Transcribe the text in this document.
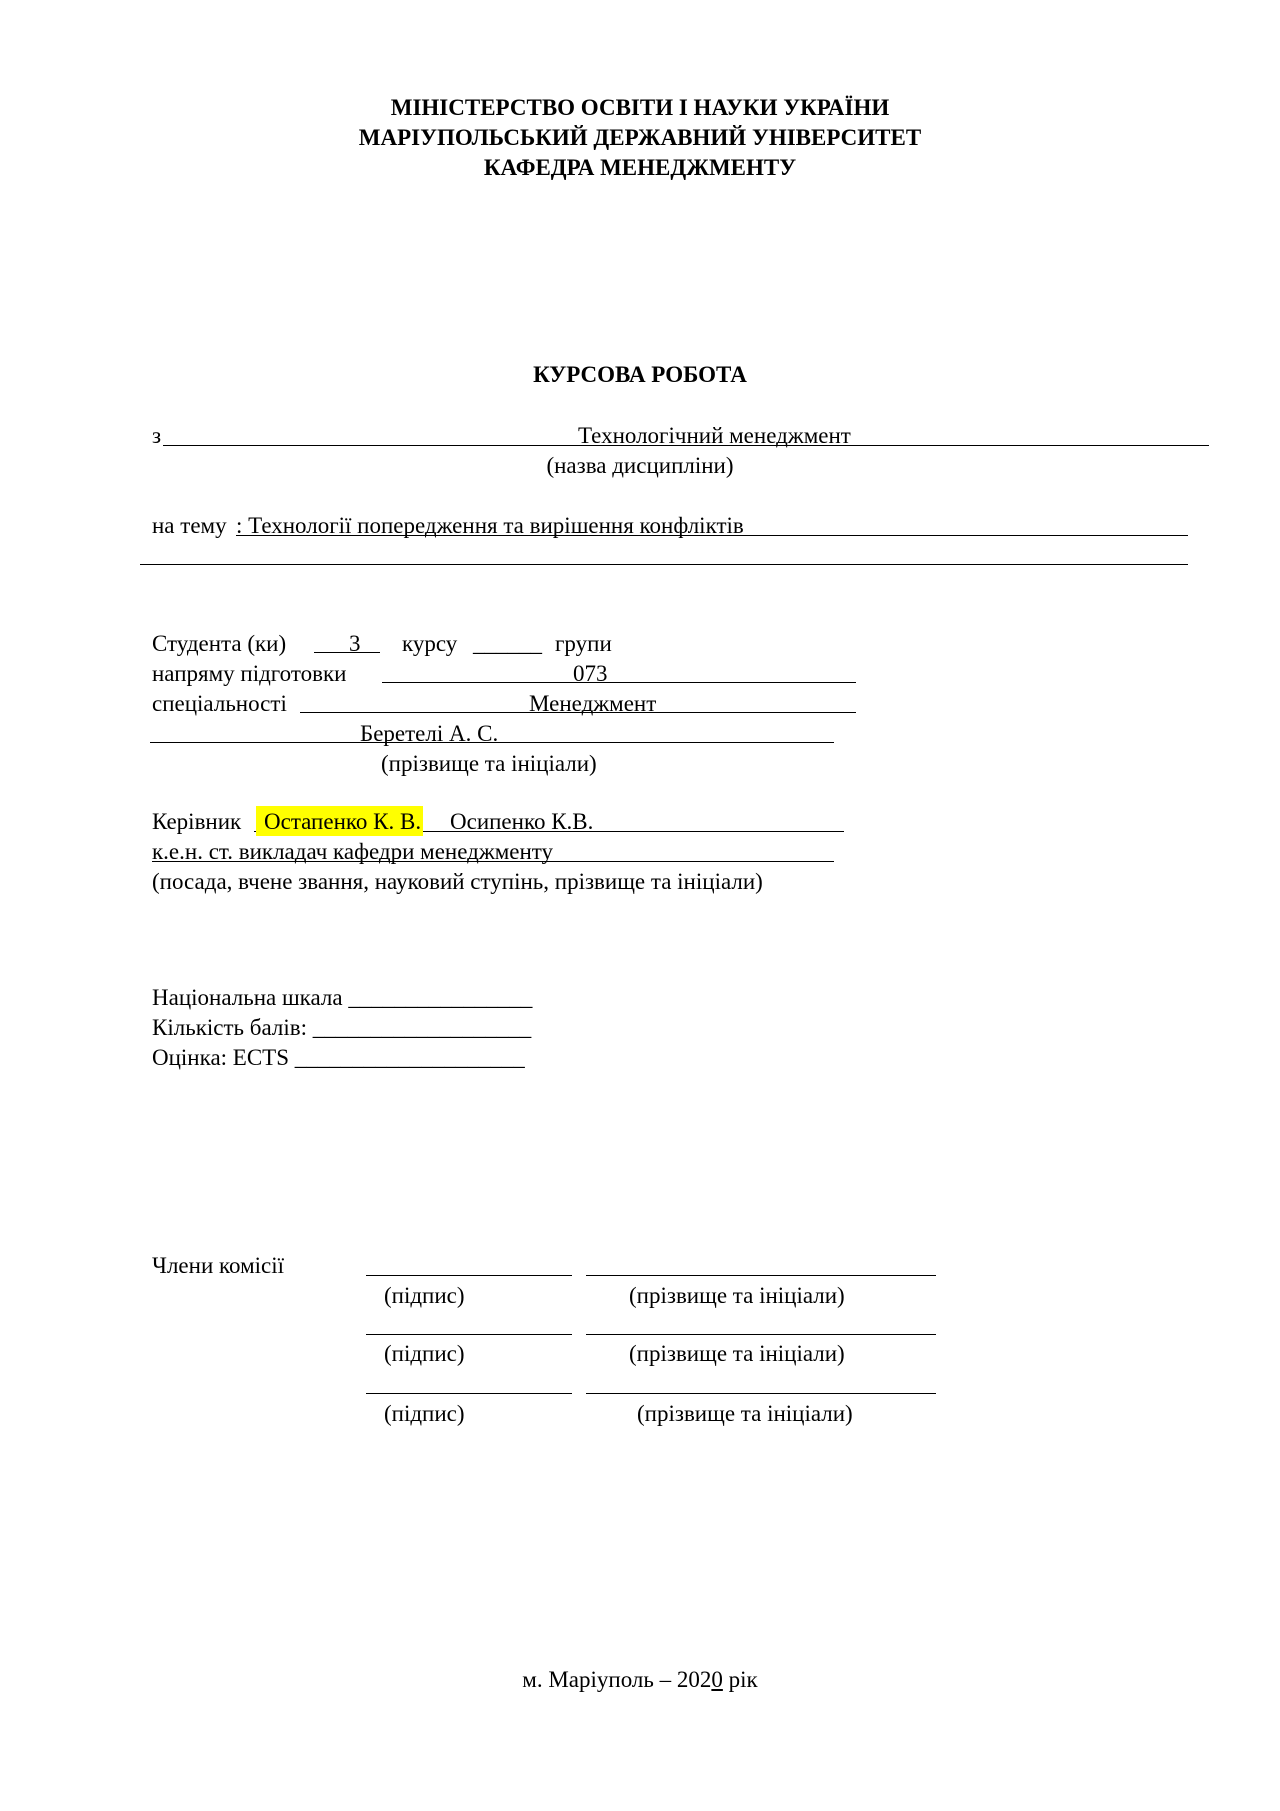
МІНІСТЕРСТВО ОСВІТИ І НАУКИ УКРАЇНИ
МАРІУПОЛЬСЬКИЙ ДЕРЖАВНИЙ УНІВЕРСИТЕТ
КАФЕДРА МЕНЕДЖМЕНТУ
КУРСОВА РОБОТА
з	Технологічний менеджмент
(назва дисципліни)
на тему : Технології попередження та вирішення конфліктів
Студента (ки)	3 курсу ______ групи
напряму підготовки	073
спеціальності	Менеджмент
Беретелі А. С.
(прізвище та ініціали)
Керівник Остапенко К. В. Осипенко К.В.
к.е.н. ст. викладач кафедри менеджменту
(посада, вчене звання, науковий ступінь, прізвище та ініціали)
Національна шкала ________________
Кількість балів: ___________________
Оцінка: ECTS ____________________
Члени комісії
(підпис)	(прізвище та ініціали)
(підпис)	(прізвище та ініціали)
(підпис)	(прізвище та ініціали)
м. Маріуполь – 2020 рік
